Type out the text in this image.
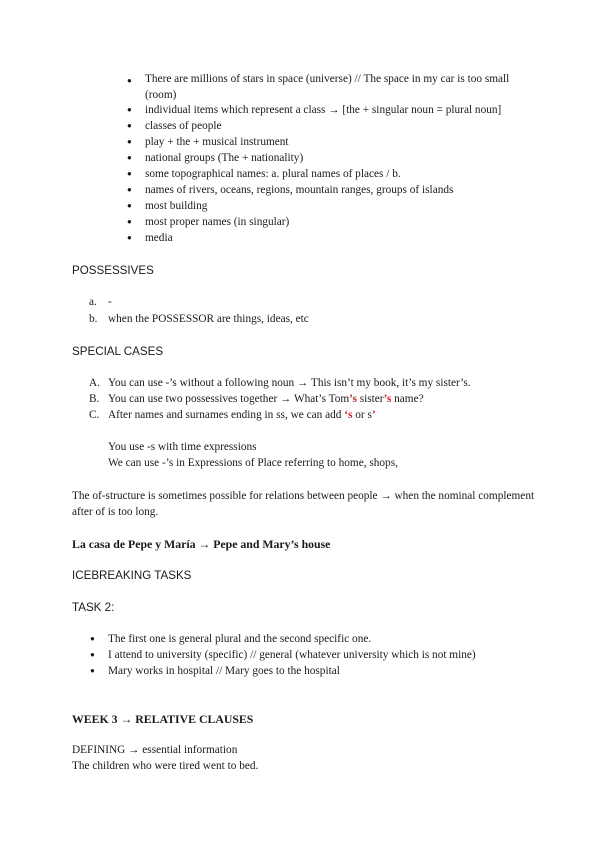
● There are millions of stars in space (universe) // The space in my car is too small (room)
● individual items which represent a class → [the + singular noun = plural noun]
● classes of people
● play + the + musical instrument
● national groups (The + nationality)
● some topographical names: a. plural names of places / b.
● names of rivers, oceans, regions, mountain ranges, groups of islands
● most building
● most proper names (in singular)
● media
POSSESSIVES
a. -
b. when the POSSESSOR are things, ideas, etc
SPECIAL CASES
A. You can use -’s without a following noun → This isn’t my book, it’s my sister’s.
B. You can use two possessives together → What’s Tom’s sister’s name?
C. After names and surnames ending in ss, we can add ‘s or s’
You use -s with time expressions
We can use -’s in Expressions of Place referring to home, shops,
The of-structure is sometimes possible for relations between people → when the nominal complement after of is too long.
La casa de Pepe y María → Pepe and Mary’s house
ICEBREAKING TASKS
TASK 2:
● The first one is general plural and the second specific one.
● I attend to university (specific) // general (whatever university which is not mine)
● Mary works in hospital // Mary goes to the hospital
WEEK 3 → RELATIVE CLAUSES
DEFINING → essential information
The children who were tired went to bed.
